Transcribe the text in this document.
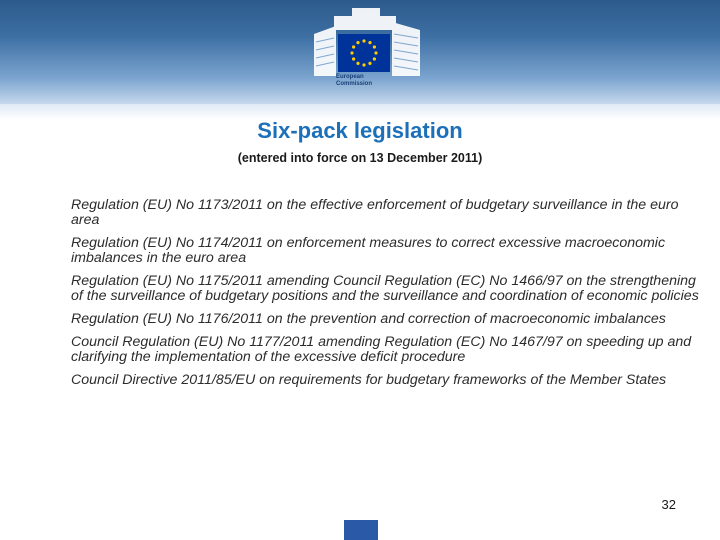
European
Commission
Six-pack legislation
(entered into force on 13 December 2011)
Regulation (EU) No 1173/2011 on the effective enforcement of budgetary surveillance in the euro area
Regulation (EU) No 1174/2011 on enforcement measures to correct excessive macroeconomic imbalances in the euro area
Regulation (EU) No 1175/2011 amending Council Regulation (EC) No 1466/97 on the strengthening of the surveillance of budgetary positions and the surveillance and coordination of economic policies
Regulation (EU) No 1176/2011 on the prevention and correction of macroeconomic imbalances
Council Regulation (EU) No 1177/2011 amending Regulation (EC) No 1467/97 on speeding up and clarifying the implementation of the excessive deficit procedure
Council Directive 2011/85/EU on requirements for budgetary frameworks of the Member States
32
